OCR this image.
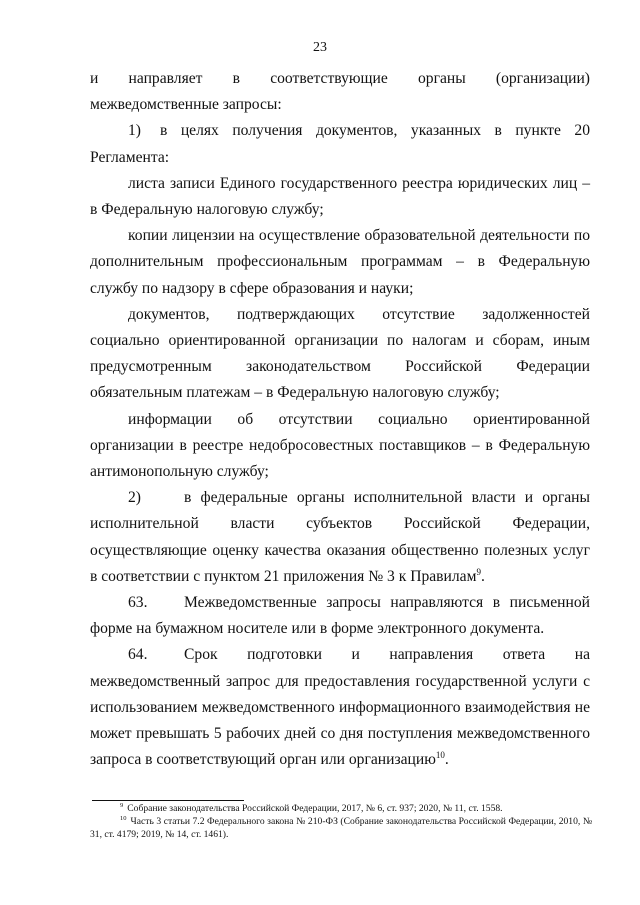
23

и направляет в соответствующие органы (организации) межведомственные запросы:

1) в целях получения документов, указанных в пункте 20 Регламента:

листа записи Единого государственного реестра юридических лиц – в Федеральную налоговую службу;

копии лицензии на осуществление образовательной деятельности по дополнительным профессиональным программам – в Федеральную службу по надзору в сфере образования и науки;

документов, подтверждающих отсутствие задолженностей социально ориентированной организации по налогам и сборам, иным предусмотренным законодательством Российской Федерации обязательным платежам – в Федеральную налоговую службу;

информации об отсутствии социально ориентированной организации в реестре недобросовестных поставщиков – в Федеральную антимонопольную службу;

2)	в федеральные органы исполнительной власти и органы исполнительной власти субъектов Российской Федерации, осуществляющие оценку качества оказания общественно полезных услуг в соответствии с пунктом 21 приложения № 3 к Правилам$^9$.

63. Межведомственные запросы направляются в письменной форме на бумажном носителе или в форме электронного документа.

64. Срок подготовки и направления ответа на межведомственный запрос для предоставления государственной услуги с использованием межведомственного информационного взаимодействия не может превышать 5 рабочих дней со дня поступления межведомственного запроса в соответствующий орган или организацию$^{10}$.

$^9$ Собрание законодательства Российской Федерации, 2017, № 6, ст. 937; 2020, № 11, ст. 1558.

$^{10}$ Часть 3 статьи 7.2 Федерального закона № 210-ФЗ (Собрание законодательства Российской Федерации, 2010, № 31, ст. 4179; 2019, № 14, ст. 1461).
